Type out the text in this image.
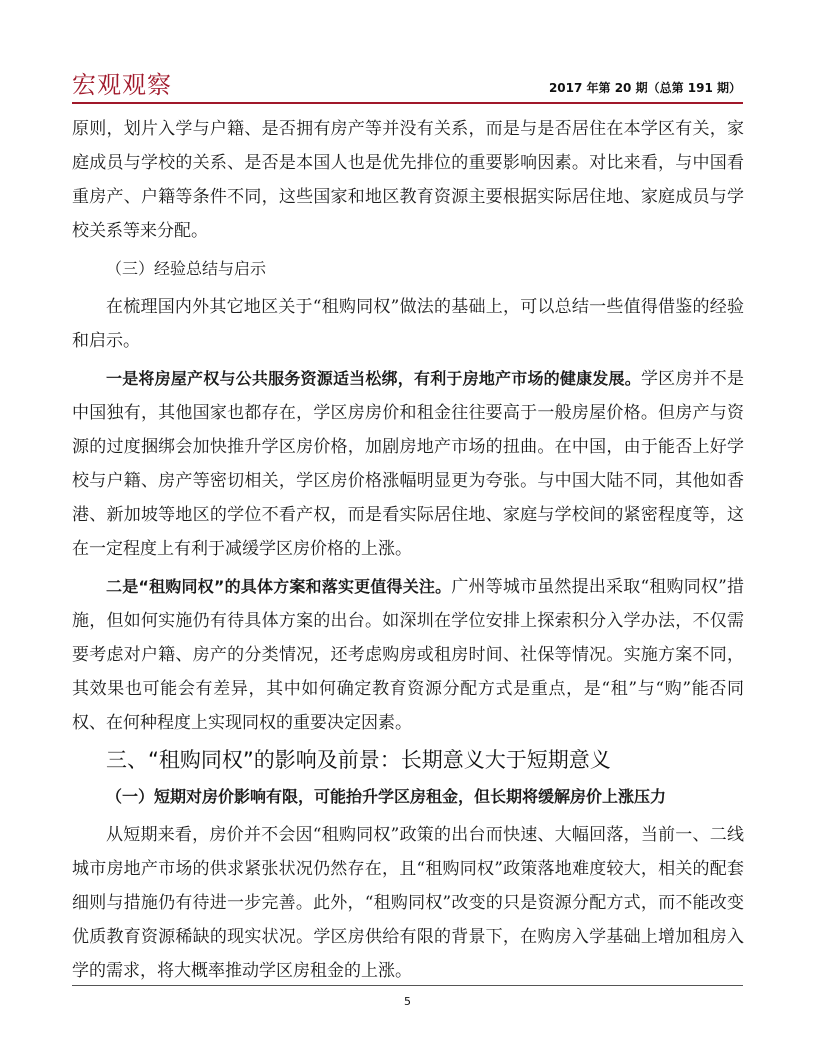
宏观观察	2017 年第 20 期（总第 191 期）

原则，划片入学与户籍、是否拥有房产等并没有关系，而是与是否居住在本学区有关，家庭成员与学校的关系、是否是本国人也是优先排位的重要影响因素。对比来看，与中国看重房产、户籍等条件不同，这些国家和地区教育资源主要根据实际居住地、家庭成员与学校关系等来分配。

（三）经验总结与启示

在梳理国内外其它地区关于“租购同权”做法的基础上，可以总结一些值得借鉴的经验和启示。

一是将房屋产权与公共服务资源适当松绑，有利于房地产市场的健康发展。学区房并不是中国独有，其他国家也都存在，学区房房价和租金往往要高于一般房屋价格。但房产与资源的过度捆绑会加快推升学区房价格，加剧房地产市场的扭曲。在中国，由于能否上好学校与户籍、房产等密切相关，学区房价格涨幅明显更为夸张。与中国大陆不同，其他如香港、新加坡等地区的学位不看产权，而是看实际居住地、家庭与学校间的紧密程度等，这在一定程度上有利于减缓学区房价格的上涨。

二是“租购同权”的具体方案和落实更值得关注。广州等城市虽然提出采取“租购同权”措施，但如何实施仍有待具体方案的出台。如深圳在学位安排上探索积分入学办法，不仅需要考虑对户籍、房产的分类情况，还考虑购房或租房时间、社保等情况。实施方案不同，其效果也可能会有差异，其中如何确定教育资源分配方式是重点，是“租”与“购”能否同权、在何种程度上实现同权的重要决定因素。

三、“租购同权”的影响及前景：长期意义大于短期意义

（一）短期对房价影响有限，可能抬升学区房租金，但长期将缓解房价上涨压力

从短期来看，房价并不会因“租购同权”政策的出台而快速、大幅回落，当前一、二线城市房地产市场的供求紧张状况仍然存在，且“租购同权”政策落地难度较大，相关的配套细则与措施仍有待进一步完善。此外，“租购同权”改变的只是资源分配方式，而不能改变优质教育资源稀缺的现实状况。学区房供给有限的背景下，在购房入学基础上增加租房入学的需求，将大概率推动学区房租金的上涨。

5
